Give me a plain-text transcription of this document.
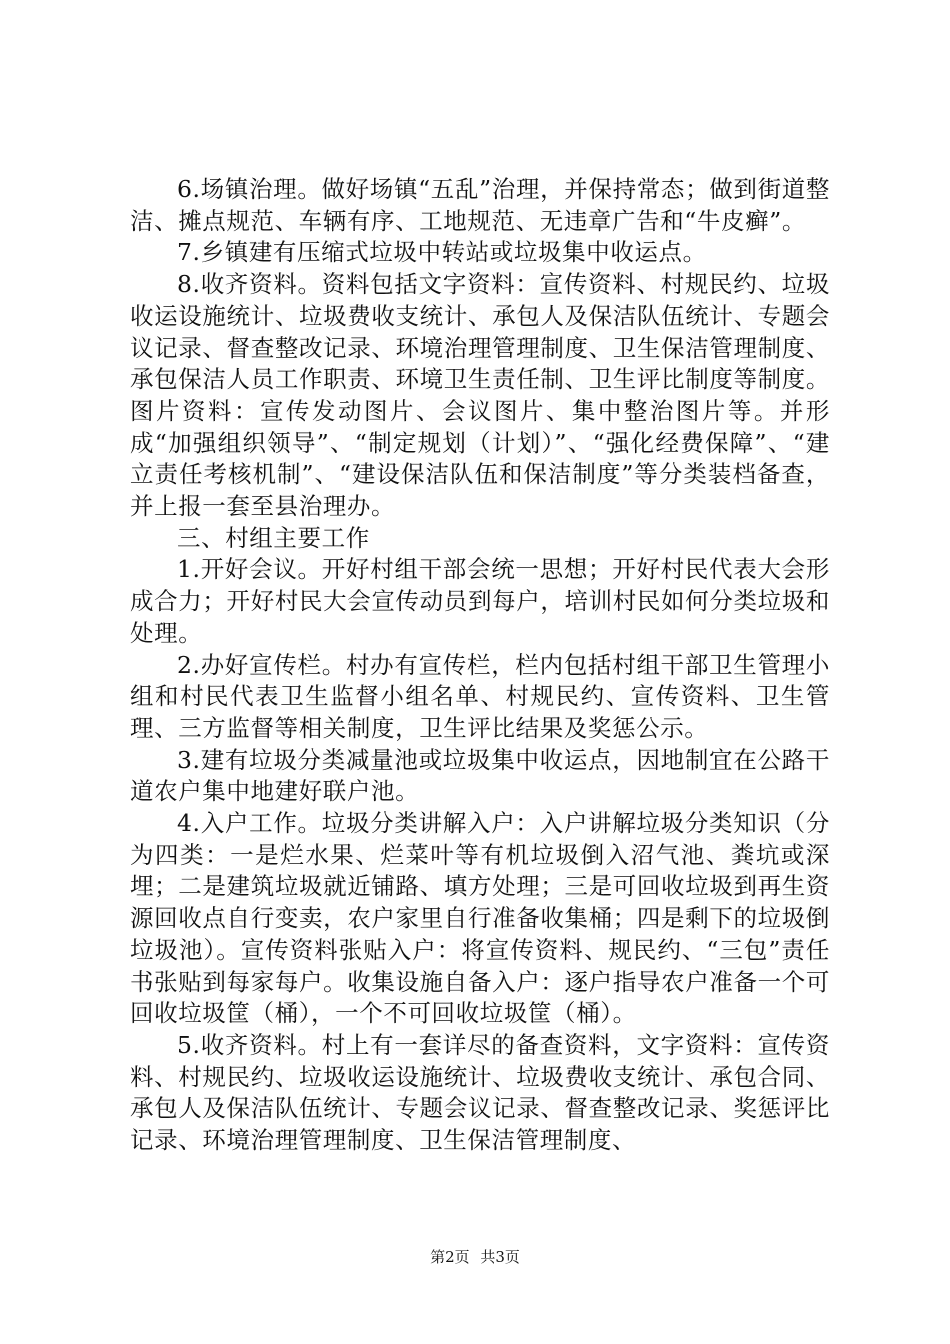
6.场镇治理。做好场镇“五乱”治理，并保持常态；做到街道整洁、摊点规范、车辆有序、工地规范、无违章广告和“牛皮癣”。

7.乡镇建有压缩式垃圾中转站或垃圾集中收运点。

8.收齐资料。资料包括文字资料：宣传资料、村规民约、垃圾收运设施统计、垃圾费收支统计、承包人及保洁队伍统计、专题会议记录、督查整改记录、环境治理管理制度、卫生保洁管理制度、承包保洁人员工作职责、环境卫生责任制、卫生评比制度等制度。图片资料：宣传发动图片、会议图片、集中整治图片等。并形成“加强组织领导”、“制定规划（计划）”、“强化经费保障”、“建立责任考核机制”、“建设保洁队伍和保洁制度”等分类装档备查，并上报一套至县治理办。

三、村组主要工作

1.开好会议。开好村组干部会统一思想；开好村民代表大会形成合力；开好村民大会宣传动员到每户，培训村民如何分类垃圾和处理。

2.办好宣传栏。村办有宣传栏，栏内包括村组干部卫生管理小组和村民代表卫生监督小组名单、村规民约、宣传资料、卫生管理、三方监督等相关制度，卫生评比结果及奖惩公示。

3.建有垃圾分类减量池或垃圾集中收运点，因地制宜在公路干道农户集中地建好联户池。

4.入户工作。垃圾分类讲解入户：入户讲解垃圾分类知识（分为四类：一是烂水果、烂菜叶等有机垃圾倒入沼气池、粪坑或深埋；二是建筑垃圾就近铺路、填方处理；三是可回收垃圾到再生资源回收点自行变卖，农户家里自行准备收集桶；四是剩下的垃圾倒垃圾池）。宣传资料张贴入户：将宣传资料、规民约、“三包”责任书张贴到每家每户。收集设施自备入户：逐户指导农户准备一个可回收垃圾筐（桶），一个不可回收垃圾筐（桶）。

5.收齐资料。村上有一套详尽的备查资料，文字资料：宣传资料、村规民约、垃圾收运设施统计、垃圾费收支统计、承包合同、承包人及保洁队伍统计、专题会议记录、督查整改记录、奖惩评比记录、环境治理管理制度、卫生保洁管理制度、

第2页 共3页
